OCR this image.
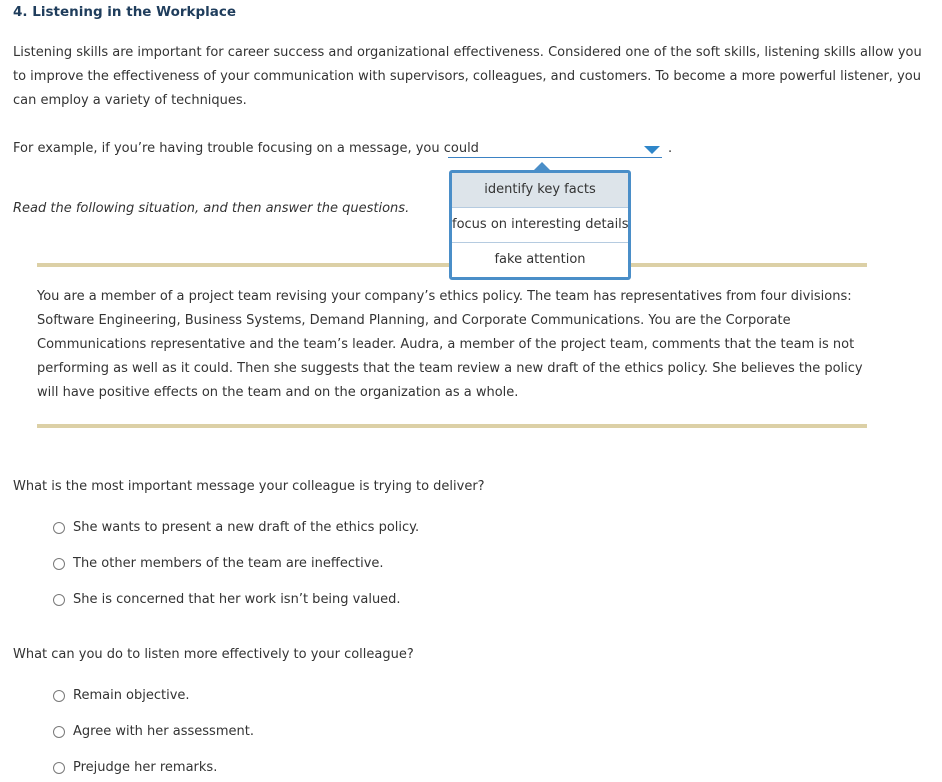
4. Listening in the Workplace

Listening skills are important for career success and organizational effectiveness. Considered one of the soft skills, listening skills allow you to improve the effectiveness of your communication with supervisors, colleagues, and customers. To become a more powerful listener, you can employ a variety of techniques.

For example, if you’re having trouble focusing on a message, you could	.
identify key facts
focus on interesting details
fake attention
Read the following situation, and then answer the questions.

You are a member of a project team revising your company’s ethics policy. The team has representatives from four divisions: Software Engineering, Business Systems, Demand Planning, and Corporate Communications. You are the Corporate Communications representative and the team’s leader. Audra, a member of the project team, comments that the team is not performing as well as it could. Then she suggests that the team review a new draft of the ethics policy. She believes the policy will have positive effects on the team and on the organization as a whole.

What is the most important message your colleague is trying to deliver?
She wants to present a new draft of the ethics policy.
The other members of the team are ineffective.
She is concerned that her work isn’t being valued.
What can you do to listen more effectively to your colleague?
Remain objective.
Agree with her assessment.
Prejudge her remarks.
